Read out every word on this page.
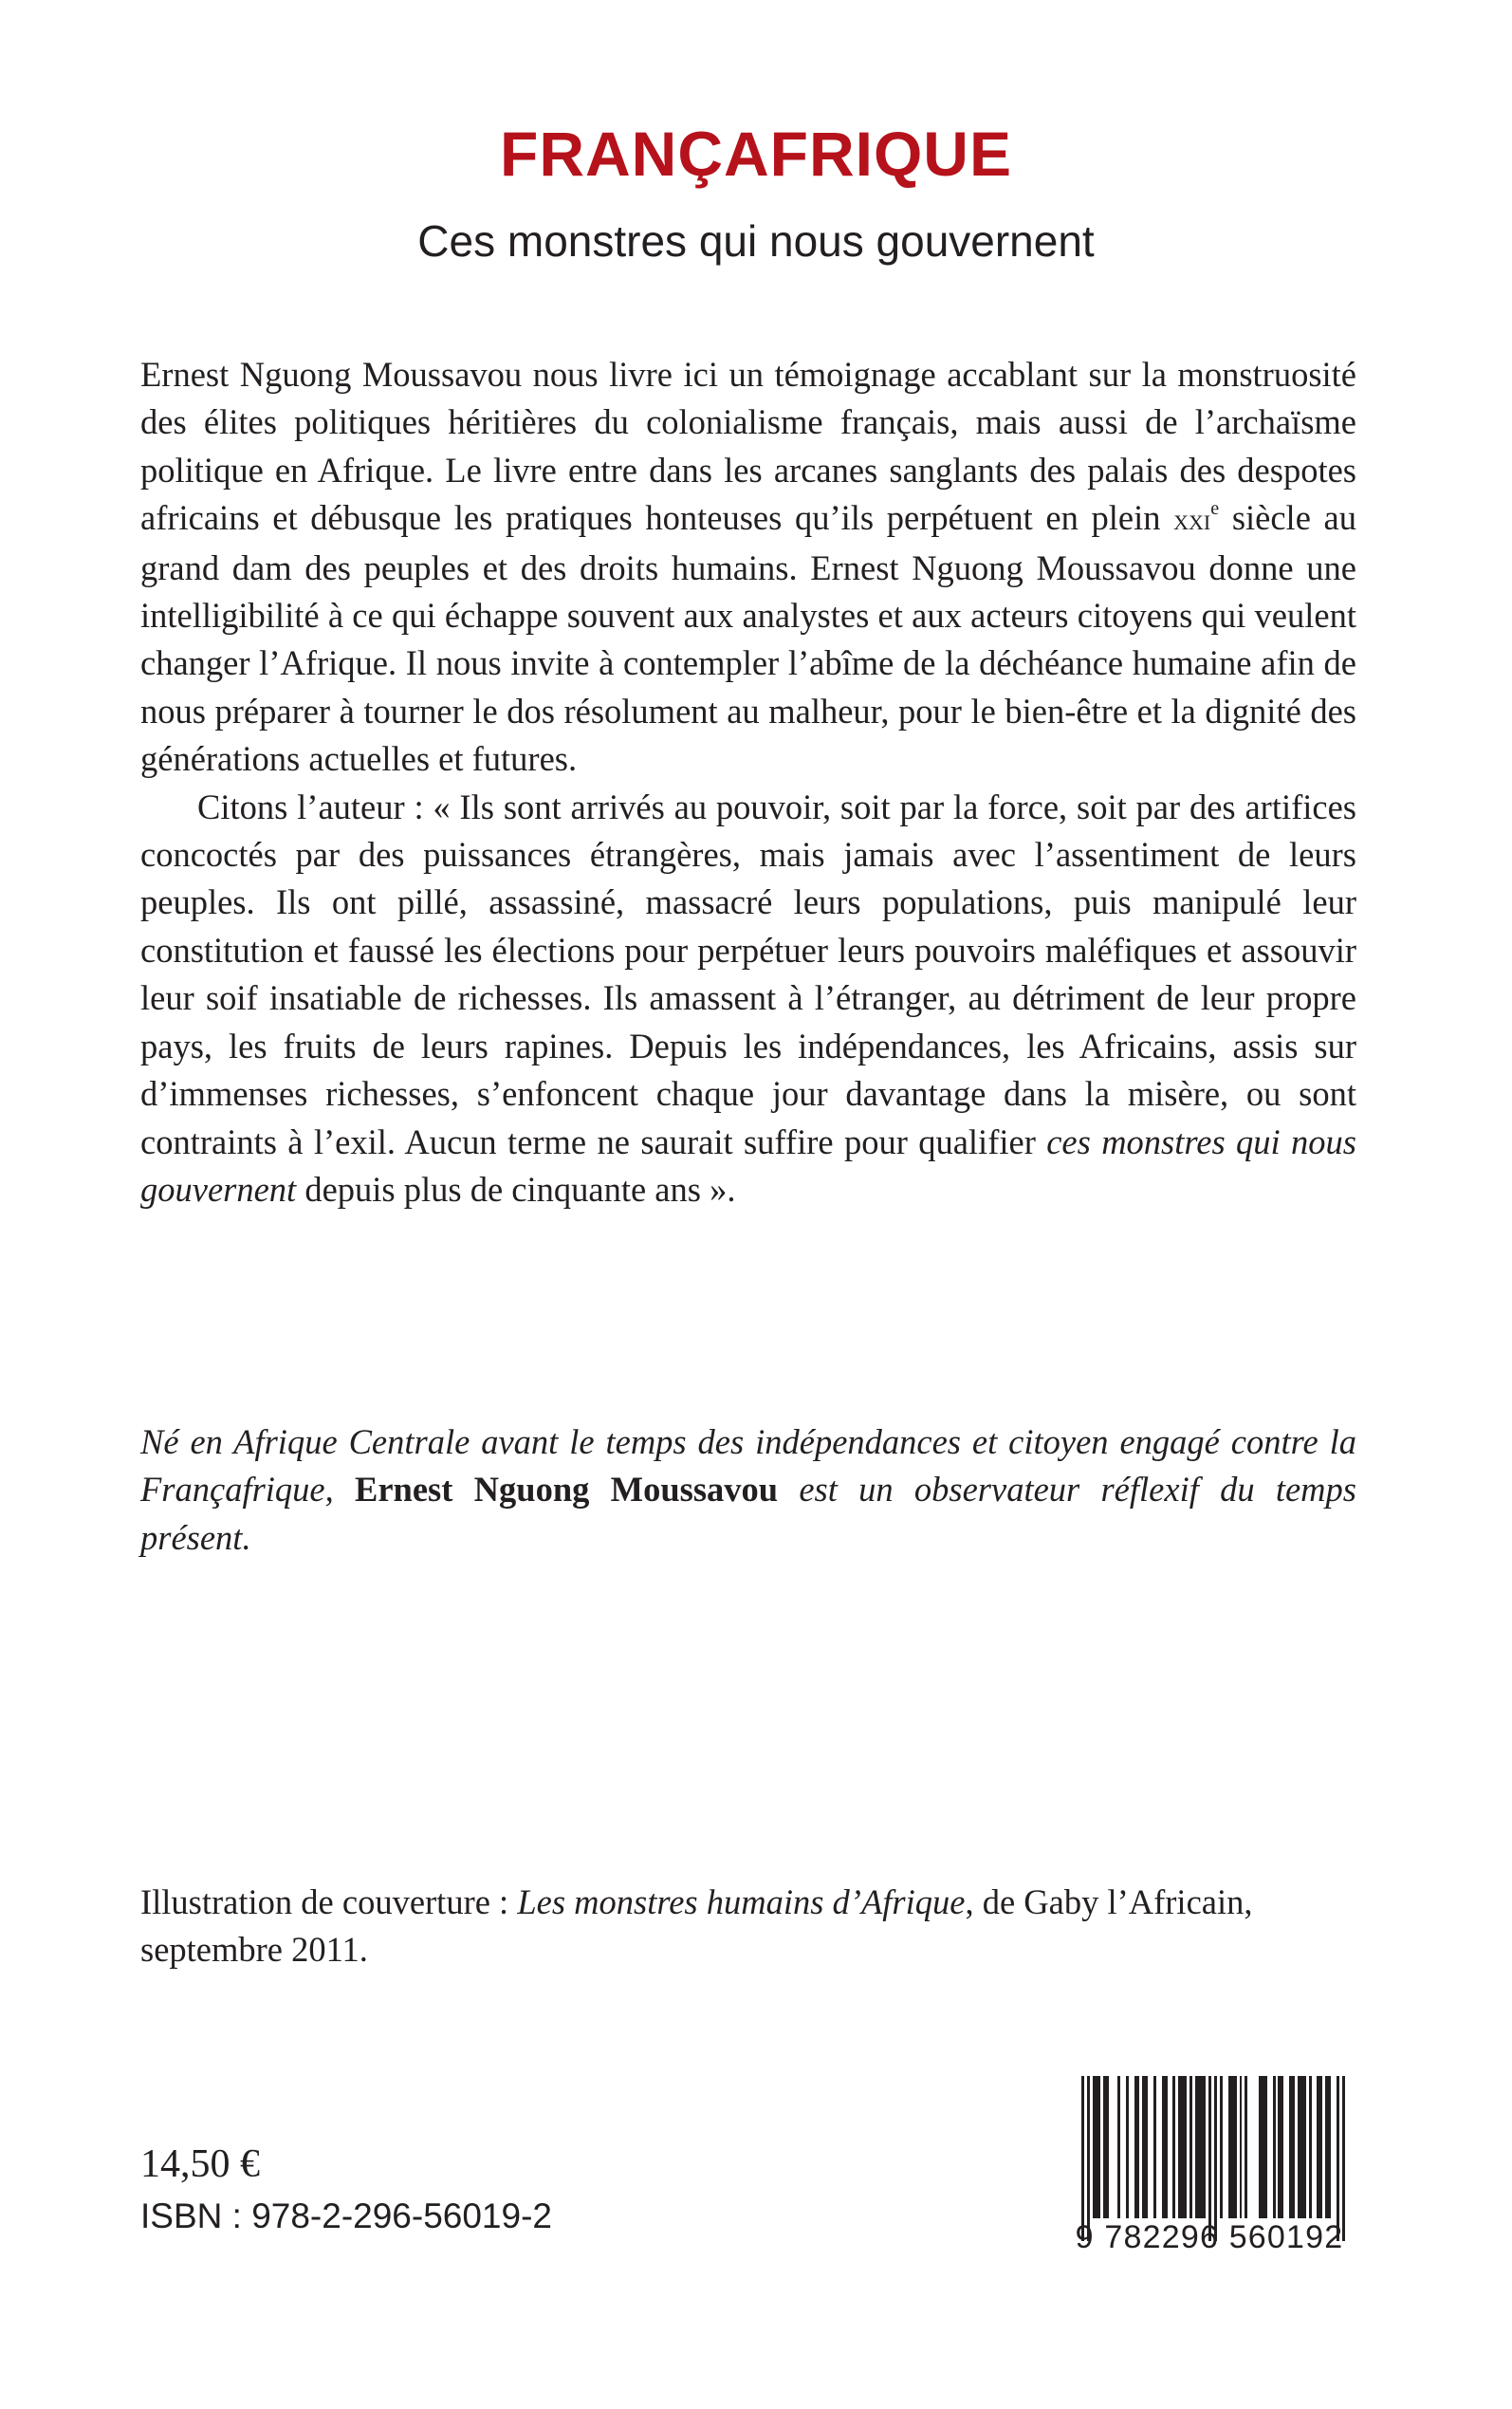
FRANÇAFRIQUE
Ces monstres qui nous gouvernent

Ernest Nguong Moussavou nous livre ici un témoignage accablant sur la monstruosité des élites politiques héritières du colonialisme français, mais aussi de l’archaïsme politique en Afrique. Le livre entre dans les arcanes sanglants des palais des despotes africains et débusque les pratiques honteuses qu’ils perpétuent en plein xxi$^e$ siècle au grand dam des peuples et des droits humains. Ernest Nguong Moussavou donne une intelligibilité à ce qui échappe souvent aux analystes et aux acteurs citoyens qui veulent changer l’Afrique. Il nous invite à contempler l’abîme de la déchéance humaine afin de nous préparer à tourner le dos résolument au malheur, pour le bien-être et la dignité des générations actuelles et futures.

Citons l’auteur : « Ils sont arrivés au pouvoir, soit par la force, soit par des artifices concoctés par des puissances étrangères, mais jamais avec l’assentiment de leurs peuples. Ils ont pillé, assassiné, massacré leurs populations, puis manipulé leur constitution et faussé les élections pour perpétuer leurs pouvoirs maléfiques et assouvir leur soif insatiable de richesses. Ils amassent à l’étranger, au détriment de leur propre pays, les fruits de leurs rapines. Depuis les indépendances, les Africains, assis sur d’immenses richesses, s’enfoncent chaque jour davantage dans la misère, ou sont contraints à l’exil. Aucun terme ne saurait suffire pour qualifier ces monstres qui nous gouvernent depuis plus de cinquante ans ».

Né en Afrique Centrale avant le temps des indépendances et citoyen engagé contre la Françafrique, Ernest Nguong Moussavou est un observateur réflexif du temps présent.

Illustration de couverture : Les monstres humains d’Afrique, de Gaby l’Africain, septembre 2011.

14,50 €
ISBN : 978-2-296-56019-2
9 782296 560192
